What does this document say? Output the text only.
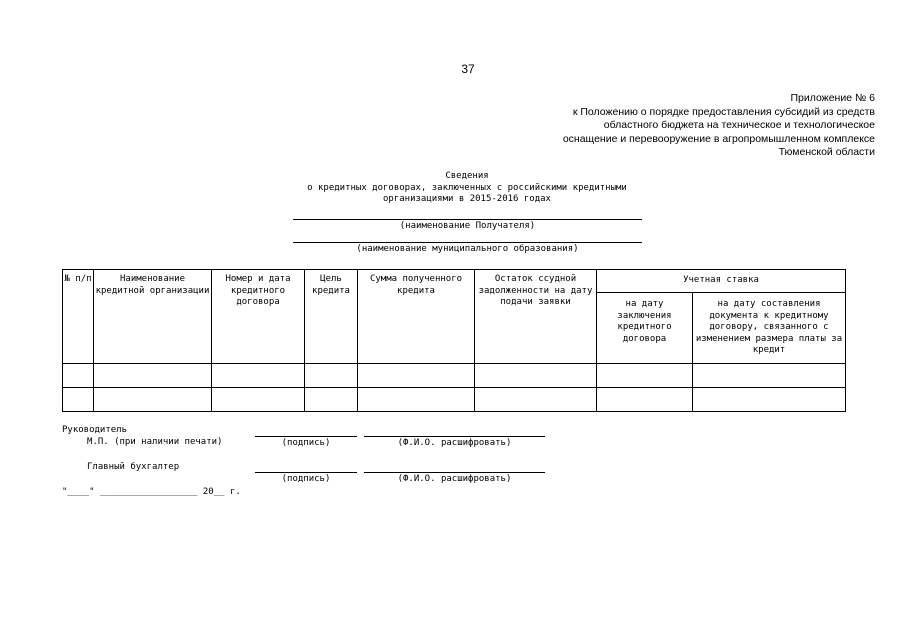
37
Приложение № 6
к Положению о порядке предоставления субсидий из средств
областного бюджета на техническое и технологическое
оснащение и перевооружение в агропромышленном комплексе
Тюменской области
Сведения
о кредитных договорах, заключенных с российскими кредитными
организациями в 2015-2016 годах
(наименование Получателя)
(наименование муниципального образования)
№ п/п	Наименование кредитной организации	Номер и дата кредитного договора	Цель кредита	Сумма полученного кредита	Остаток ссудной задолженности на дату подачи заявки	Учетная ставка	
						на дату заключения кредитного договора	на дату составления документа к кредитному договору, связанного с изменением размера платы за кредит

Руководитель
М.П. (при наличии печати)	(подпись)	(Ф.И.О. расшифровать)
Главный бухгалтер
(подпись)	(Ф.И.О. расшифровать)
"____" __________________ 20__ г.
